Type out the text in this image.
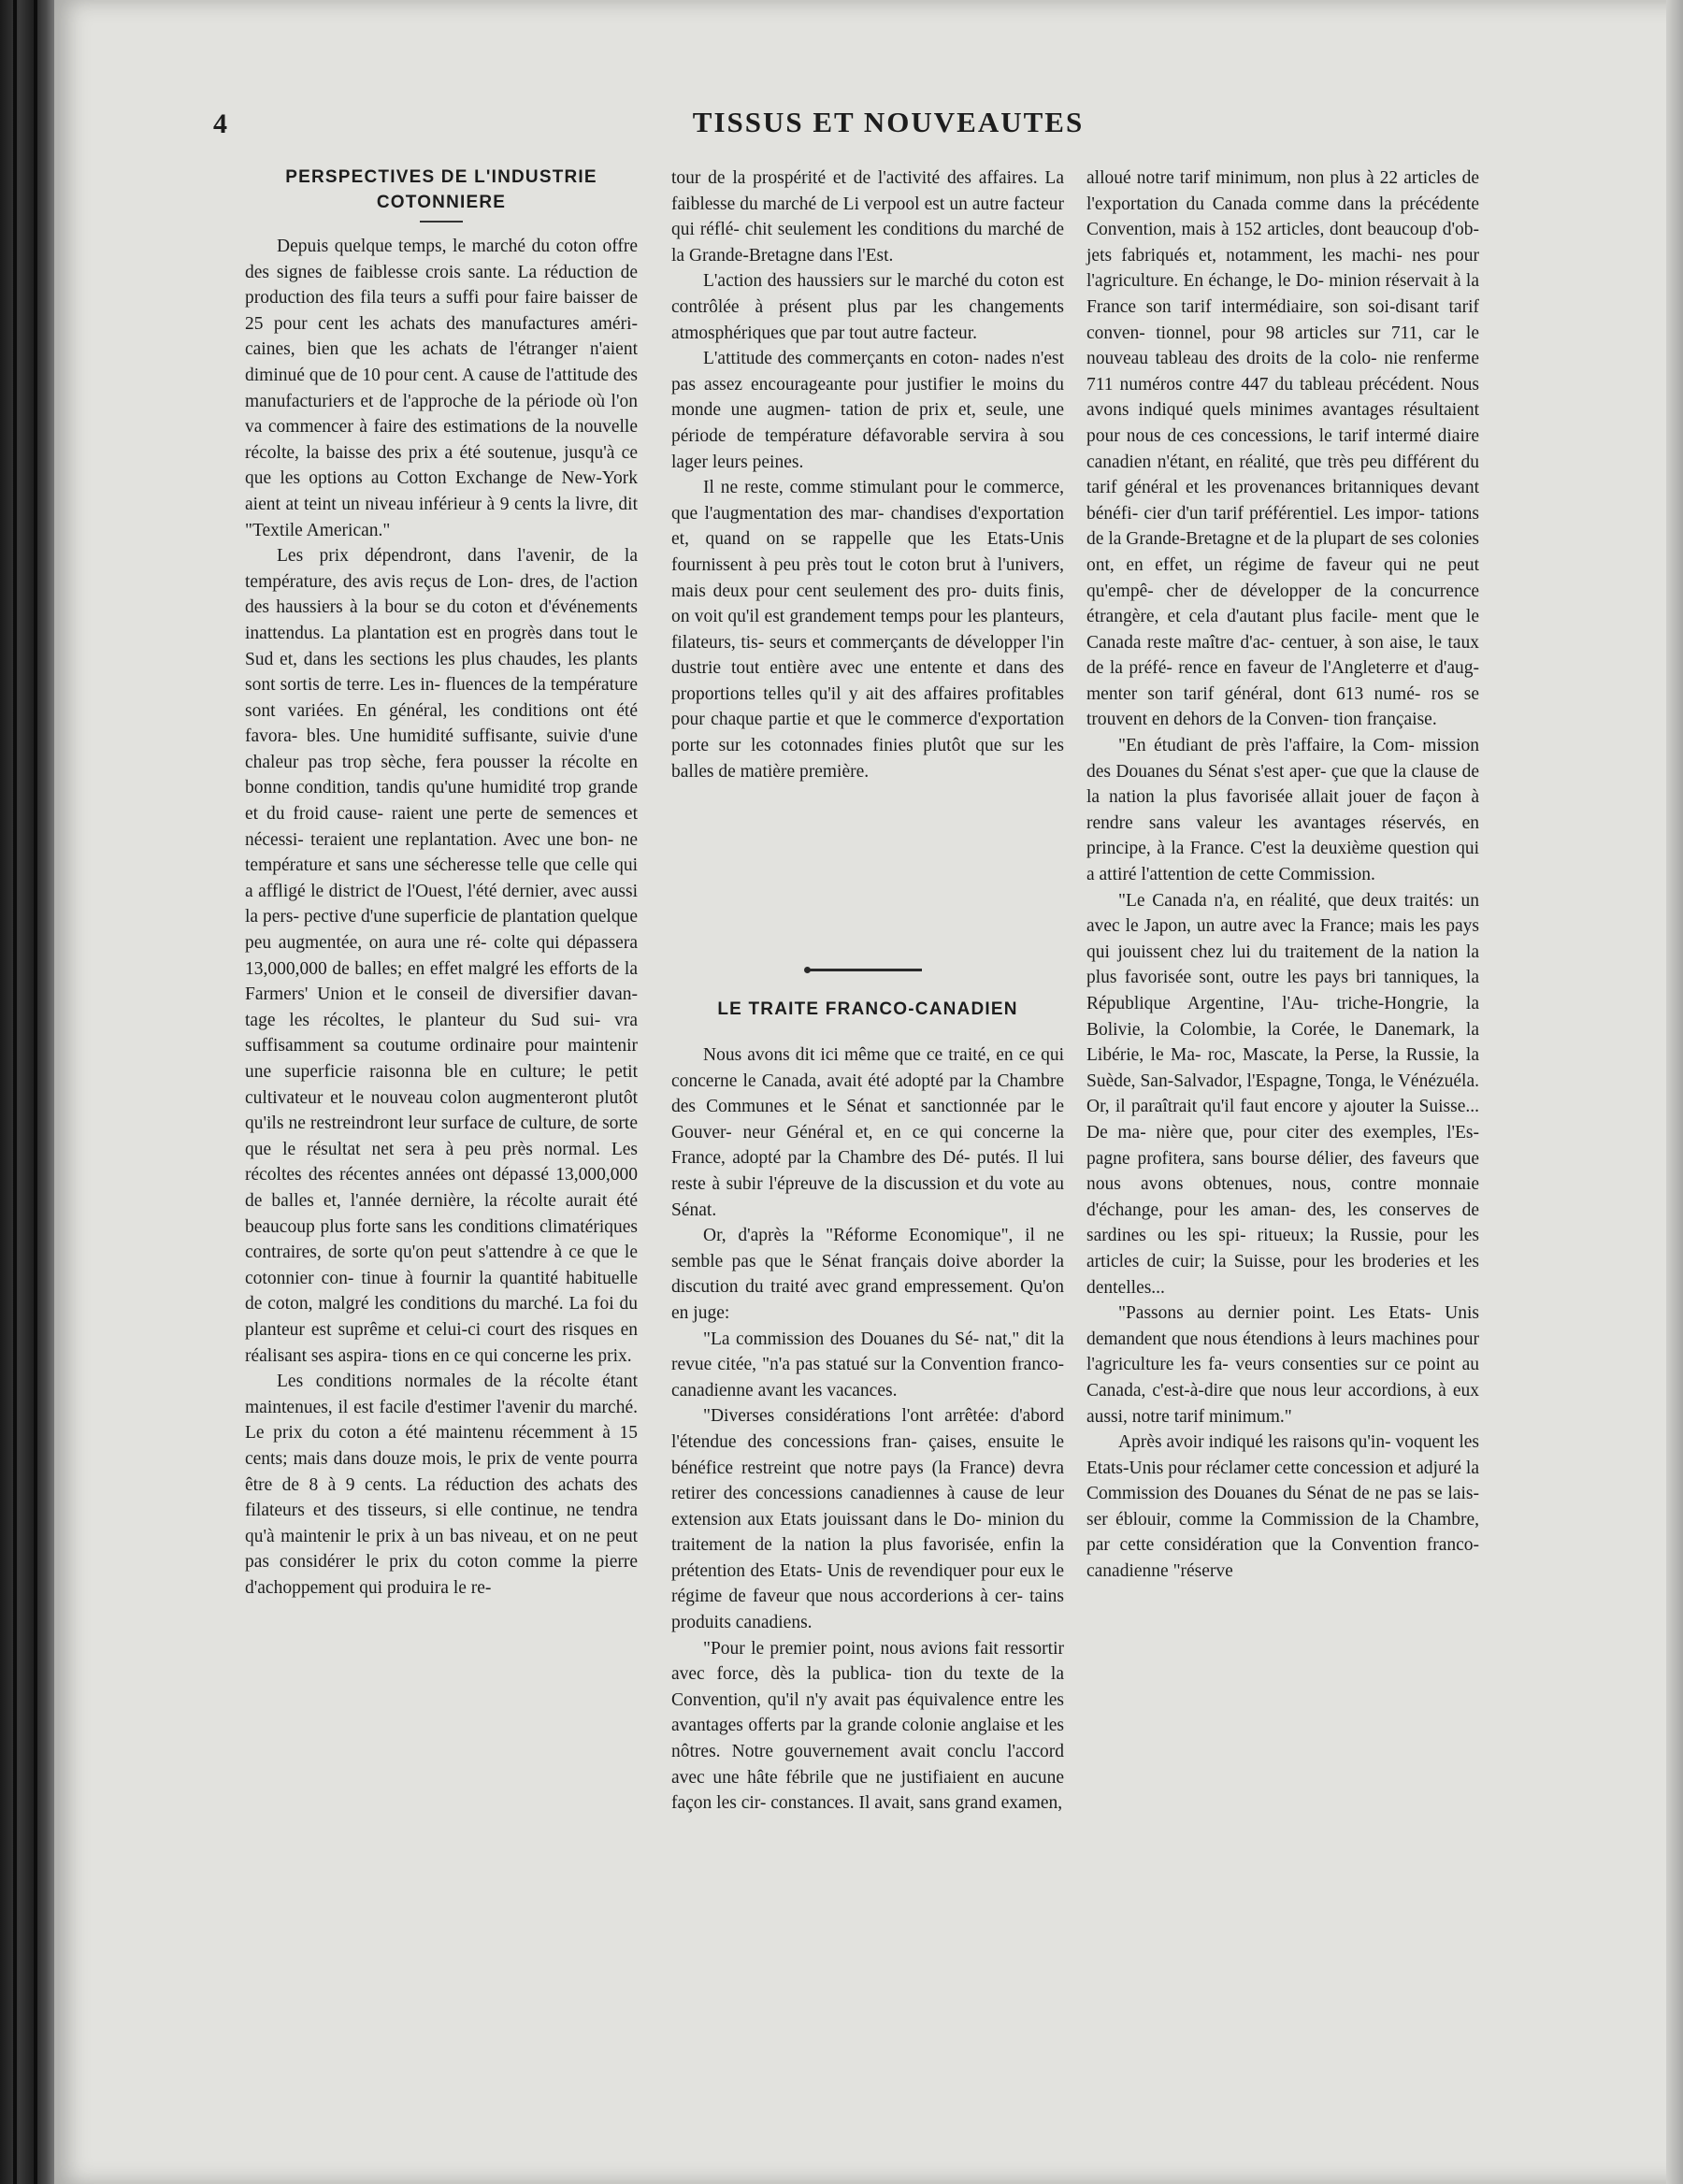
4	TISSUS ET NOUVEAUTES
PERSPECTIVES DE L'INDUSTRIE
COTONNIERE

Depuis quelque temps, le marché du coton offre des signes de faiblesse crois sante. La réduction de production des fila teurs a suffi pour faire baisser de 25 pour cent les achats des manufactures améri- caines, bien que les achats de l'étranger n'aient diminué que de 10 pour cent. A cause de l'attitude des manufacturiers et de l'approche de la période où l'on va commencer à faire des estimations de la nouvelle récolte, la baisse des prix a été soutenue, jusqu'à ce que les options au Cotton Exchange de New-York aient at teint un niveau inférieur à 9 cents la livre, dit "Textile American."

Les prix dépendront, dans l'avenir, de la température, des avis reçus de Lon- dres, de l'action des haussiers à la bour se du coton et d'événements inattendus. La plantation est en progrès dans tout le Sud et, dans les sections les plus chaudes, les plants sont sortis de terre. Les in- fluences de la température sont variées. En général, les conditions ont été favora- bles. Une humidité suffisante, suivie d'une chaleur pas trop sèche, fera pousser la récolte en bonne condition, tandis qu'une humidité trop grande et du froid cause- raient une perte de semences et nécessi- teraient une replantation. Avec une bon- ne température et sans une sécheresse telle que celle qui a affligé le district de l'Ouest, l'été dernier, avec aussi la pers- pective d'une superficie de plantation quelque peu augmentée, on aura une ré- colte qui dépassera 13,000,000 de balles; en effet malgré les efforts de la Farmers' Union et le conseil de diversifier davan- tage les récoltes, le planteur du Sud sui- vra suffisamment sa coutume ordinaire pour maintenir une superficie raisonna ble en culture; le petit cultivateur et le nouveau colon augmenteront plutôt qu'ils ne restreindront leur surface de culture, de sorte que le résultat net sera à peu près normal. Les récoltes des récentes années ont dépassé 13,000,000 de balles et, l'année dernière, la récolte aurait été beaucoup plus forte sans les conditions climatériques contraires, de sorte qu'on peut s'attendre à ce que le cotonnier con- tinue à fournir la quantité habituelle de coton, malgré les conditions du marché. La foi du planteur est suprême et celui-ci court des risques en réalisant ses aspira- tions en ce qui concerne les prix.

Les conditions normales de la récolte étant maintenues, il est facile d'estimer l'avenir du marché. Le prix du coton a été maintenu récemment à 15 cents; mais dans douze mois, le prix de vente pourra être de 8 à 9 cents. La réduction des achats des filateurs et des tisseurs, si elle continue, ne tendra qu'à maintenir le prix à un bas niveau, et on ne peut pas considérer le prix du coton comme la pierre d'achoppement qui produira le re-

tour de la prospérité et de l'activité des affaires. La faiblesse du marché de Li verpool est un autre facteur qui réflé- chit seulement les conditions du marché de la Grande-Bretagne dans l'Est.

L'action des haussiers sur le marché du coton est contrôlée à présent plus par les changements atmosphériques que par tout autre facteur.

L'attitude des commerçants en coton- nades n'est pas assez encourageante pour justifier le moins du monde une augmen- tation de prix et, seule, une période de température défavorable servira à sou lager leurs peines.

Il ne reste, comme stimulant pour le commerce, que l'augmentation des mar- chandises d'exportation et, quand on se rappelle que les Etats-Unis fournissent à peu près tout le coton brut à l'univers, mais deux pour cent seulement des pro- duits finis, on voit qu'il est grandement temps pour les planteurs, filateurs, tis- seurs et commerçants de développer l'in dustrie tout entière avec une entente et dans des proportions telles qu'il y ait des affaires profitables pour chaque partie et que le commerce d'exportation porte sur les cotonnades finies plutôt que sur les balles de matière première.

LE TRAITE FRANCO-CANADIEN

Nous avons dit ici même que ce traité, en ce qui concerne le Canada, avait été adopté par la Chambre des Communes et le Sénat et sanctionnée par le Gouver- neur Général et, en ce qui concerne la France, adopté par la Chambre des Dé- putés. Il lui reste à subir l'épreuve de la discussion et du vote au Sénat.

Or, d'après la "Réforme Economique", il ne semble pas que le Sénat français doive aborder la discution du traité avec grand empressement. Qu'on en juge:

"La commission des Douanes du Sé- nat," dit la revue citée, "n'a pas statué sur la Convention franco-canadienne avant les vacances.

"Diverses considérations l'ont arrêtée: d'abord l'étendue des concessions fran- çaises, ensuite le bénéfice restreint que notre pays (la France) devra retirer des concessions canadiennes à cause de leur extension aux Etats jouissant dans le Do- minion du traitement de la nation la plus favorisée, enfin la prétention des Etats- Unis de revendiquer pour eux le régime de faveur que nous accorderions à cer- tains produits canadiens.

"Pour le premier point, nous avions fait ressortir avec force, dès la publica- tion du texte de la Convention, qu'il n'y avait pas équivalence entre les avantages offerts par la grande colonie anglaise et les nôtres. Notre gouvernement avait conclu l'accord avec une hâte fébrile que ne justifiaient en aucune façon les cir- constances. Il avait, sans grand examen,

alloué notre tarif minimum, non plus à 22 articles de l'exportation du Canada comme dans la précédente Convention, mais à 152 articles, dont beaucoup d'ob- jets fabriqués et, notamment, les machi- nes pour l'agriculture. En échange, le Do- minion réservait à la France son tarif intermédiaire, son soi-disant tarif conven- tionnel, pour 98 articles sur 711, car le nouveau tableau des droits de la colo- nie renferme 711 numéros contre 447 du tableau précédent. Nous avons indiqué quels minimes avantages résultaient pour nous de ces concessions, le tarif intermé diaire canadien n'étant, en réalité, que très peu différent du tarif général et les provenances britanniques devant bénéfi- cier d'un tarif préférentiel. Les impor- tations de la Grande-Bretagne et de la plupart de ses colonies ont, en effet, un régime de faveur qui ne peut qu'empê- cher de développer de la concurrence étrangère, et cela d'autant plus facile- ment que le Canada reste maître d'ac- centuer, à son aise, le taux de la préfé- rence en faveur de l'Angleterre et d'aug- menter son tarif général, dont 613 numé- ros se trouvent en dehors de la Conven- tion française.

"En étudiant de près l'affaire, la Com- mission des Douanes du Sénat s'est aper- çue que la clause de la nation la plus favorisée allait jouer de façon à rendre sans valeur les avantages réservés, en principe, à la France. C'est la deuxième question qui a attiré l'attention de cette Commission.

"Le Canada n'a, en réalité, que deux traités: un avec le Japon, un autre avec la France; mais les pays qui jouissent chez lui du traitement de la nation la plus favorisée sont, outre les pays bri tanniques, la République Argentine, l'Au- triche-Hongrie, la Bolivie, la Colombie, la Corée, le Danemark, la Libérie, le Ma- roc, Mascate, la Perse, la Russie, la Suède, San-Salvador, l'Espagne, Tonga, le Vénézuéla. Or, il paraîtrait qu'il faut encore y ajouter la Suisse... De ma- nière que, pour citer des exemples, l'Es- pagne profitera, sans bourse délier, des faveurs que nous avons obtenues, nous, contre monnaie d'échange, pour les aman- des, les conserves de sardines ou les spi- ritueux; la Russie, pour les articles de cuir; la Suisse, pour les broderies et les dentelles...

"Passons au dernier point. Les Etats- Unis demandent que nous étendions à leurs machines pour l'agriculture les fa- veurs consenties sur ce point au Canada, c'est-à-dire que nous leur accordions, à eux aussi, notre tarif minimum."

Après avoir indiqué les raisons qu'in- voquent les Etats-Unis pour réclamer cette concession et adjuré la Commission des Douanes du Sénat de ne pas se lais- ser éblouir, comme la Commission de la Chambre, par cette considération que la Convention franco-canadienne "réserve
